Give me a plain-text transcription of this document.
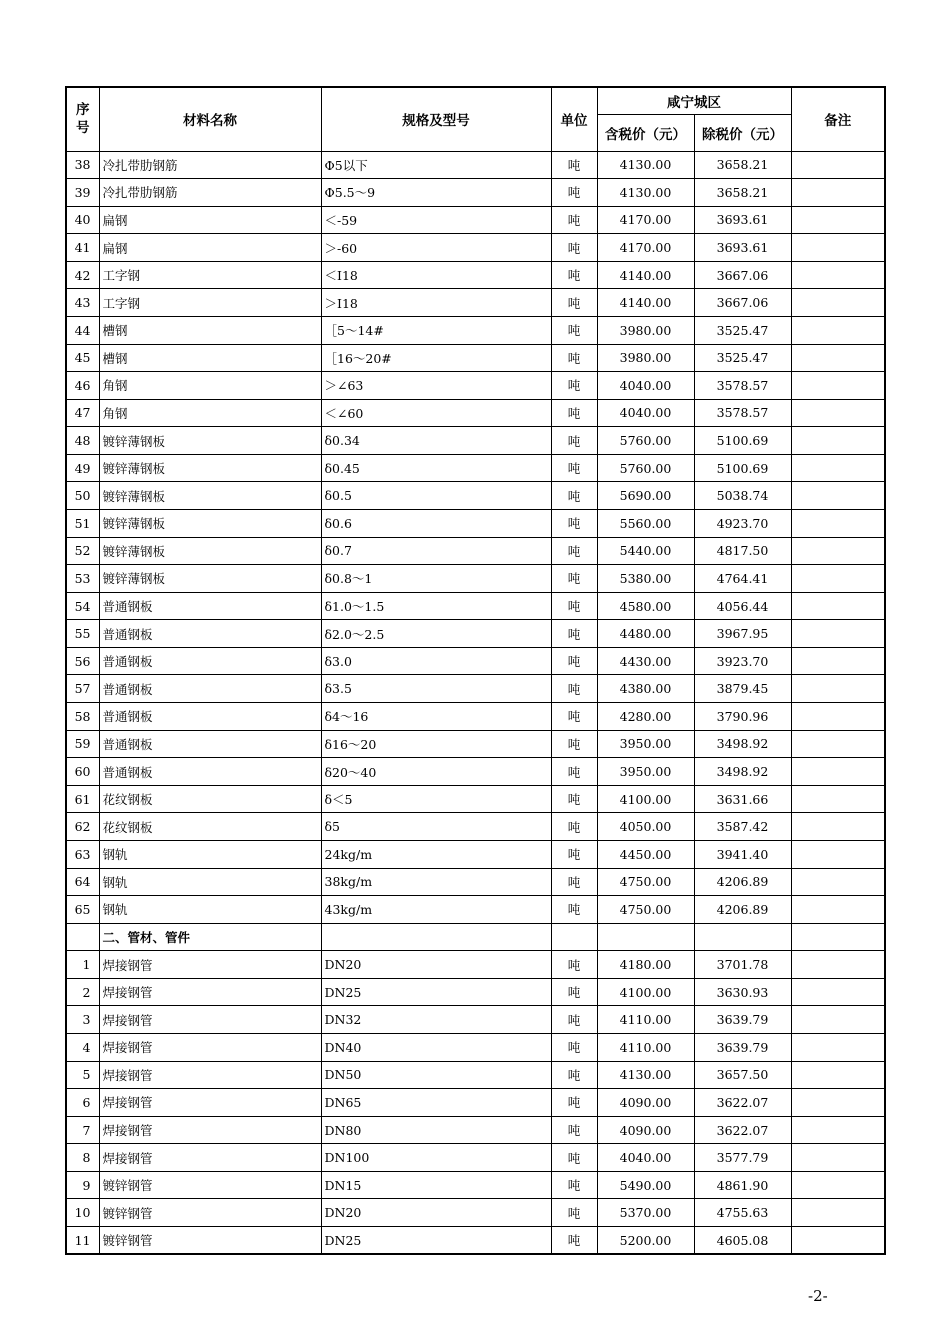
序号	材料名称	规格及型号	单位	咸宁城区		备注
				含税价（元）	除税价（元）	
38	冷扎带肋钢筋	Φ5以下	吨	4130.00	3658.21	
39	冷扎带肋钢筋	Φ5.5～9	吨	4130.00	3658.21	
40	扁钢	＜-59	吨	4170.00	3693.61	
41	扁钢	＞-60	吨	4170.00	3693.61	
42	工字钢	＜Ⅰ18	吨	4140.00	3667.06	
43	工字钢	＞Ⅰ18	吨	4140.00	3667.06	
44	槽钢	［5～14#	吨	3980.00	3525.47	
45	槽钢	［16～20#	吨	3980.00	3525.47	
46	角钢	＞∠63	吨	4040.00	3578.57	
47	角钢	＜∠60	吨	4040.00	3578.57	
48	镀锌薄钢板	δ0.34	吨	5760.00	5100.69	
49	镀锌薄钢板	δ0.45	吨	5760.00	5100.69	
50	镀锌薄钢板	δ0.5	吨	5690.00	5038.74	
51	镀锌薄钢板	δ0.6	吨	5560.00	4923.70	
52	镀锌薄钢板	δ0.7	吨	5440.00	4817.50	
53	镀锌薄钢板	δ0.8～1	吨	5380.00	4764.41	
54	普通钢板	δ1.0～1.5	吨	4580.00	4056.44	
55	普通钢板	δ2.0～2.5	吨	4480.00	3967.95	
56	普通钢板	δ3.0	吨	4430.00	3923.70	
57	普通钢板	δ3.5	吨	4380.00	3879.45	
58	普通钢板	δ4～16	吨	4280.00	3790.96	
59	普通钢板	δ16～20	吨	3950.00	3498.92	
60	普通钢板	δ20～40	吨	3950.00	3498.92	
61	花纹钢板	δ＜5	吨	4100.00	3631.66	
62	花纹钢板	δ5	吨	4050.00	3587.42	
63	钢轨	24kg/m	吨	4450.00	3941.40	
64	钢轨	38kg/m	吨	4750.00	4206.89	
65	钢轨	43kg/m	吨	4750.00	4206.89	
	二、管材、管件					
1	焊接钢管	DN20	吨	4180.00	3701.78	
2	焊接钢管	DN25	吨	4100.00	3630.93	
3	焊接钢管	DN32	吨	4110.00	3639.79	
4	焊接钢管	DN40	吨	4110.00	3639.79	
5	焊接钢管	DN50	吨	4130.00	3657.50	
6	焊接钢管	DN65	吨	4090.00	3622.07	
7	焊接钢管	DN80	吨	4090.00	3622.07	
8	焊接钢管	DN100	吨	4040.00	3577.79	
9	镀锌钢管	DN15	吨	5490.00	4861.90	
10	镀锌钢管	DN20	吨	5370.00	4755.63	
11	镀锌钢管	DN25	吨	5200.00	4605.08	
-2-
